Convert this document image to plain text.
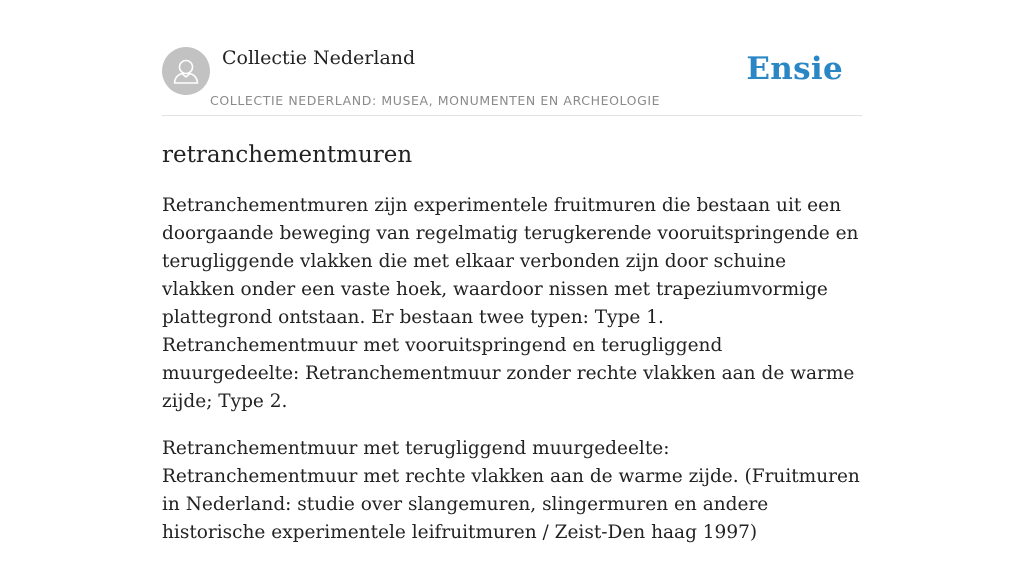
Collectie Nederland
COLLECTIE NEDERLAND: MUSEA, MONUMENTEN EN ARCHEOLOGIE
Ensie
retranchementmuren

Retranchementmuren zijn experimentele fruitmuren die bestaan uit een doorgaande beweging van regelmatig terugkerende vooruitspringende en terugliggende vlakken die met elkaar verbonden zijn door schuine vlakken onder een vaste hoek, waardoor nissen met trapeziumvormige plattegrond ontstaan. Er bestaan twee typen: Type 1. Retranchementmuur met vooruitspringend en terugliggend muurgedeelte: Retranchementmuur zonder rechte vlakken aan de warme zijde; Type 2.

Retranchementmuur met terugliggend muurgedeelte: Retranchementmuur met rechte vlakken aan de warme zijde. (Fruitmuren in Nederland: studie over slangemuren, slingermuren en andere historische experimentele leifruitmuren / Zeist-Den haag 1997)
